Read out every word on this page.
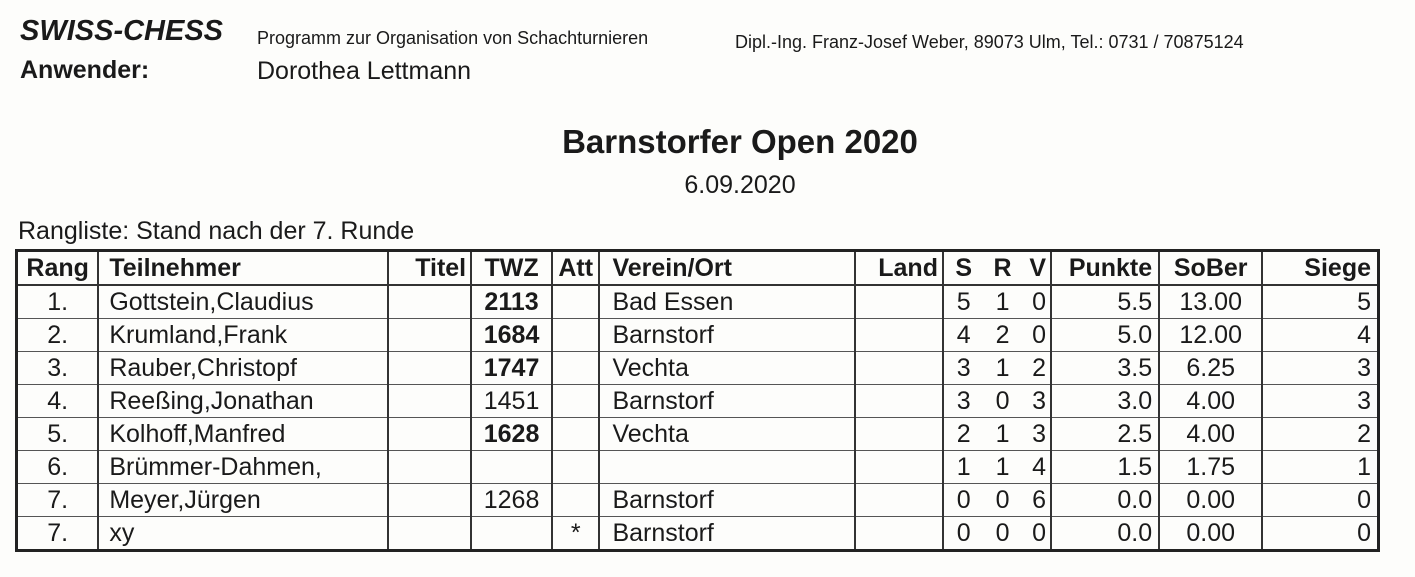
SWISS-CHESS Programm zur Organisation von Schachturnieren	Dipl.-Ing. Franz-Josef Weber, 89073 Ulm, Tel.: 0731 / 70875124
Anwender:	Dorothea Lettmann
Barnstorfer Open 2020
6.09.2020
Rangliste: Stand nach der 7. Runde
Rang	Teilnehmer	Titel	TWZ	Att	Verein/Ort	Land	S	R	V	Punkte	SoBer	Siege
1.	Gottstein,Claudius		2113		Bad Essen		5	1	0	5.5	13.00	5
2.	Krumland,Frank		1684		Barnstorf		4	2	0	5.0	12.00	4
3.	Rauber,Christopf		1747		Vechta		3	1	2	3.5	6.25	3
4.	Reeßing,Jonathan		1451		Barnstorf		3	0	3	3.0	4.00	3
5.	Kolhoff,Manfred		1628		Vechta		2	1	3	2.5	4.00	2
6.	Brümmer-Dahmen,						1	1	4	1.5	1.75	1
7.	Meyer,Jürgen		1268		Barnstorf		0	0	6	0.0	0.00	0
7.	xy			*	Barnstorf		0	0	0	0.0	0.00	0
